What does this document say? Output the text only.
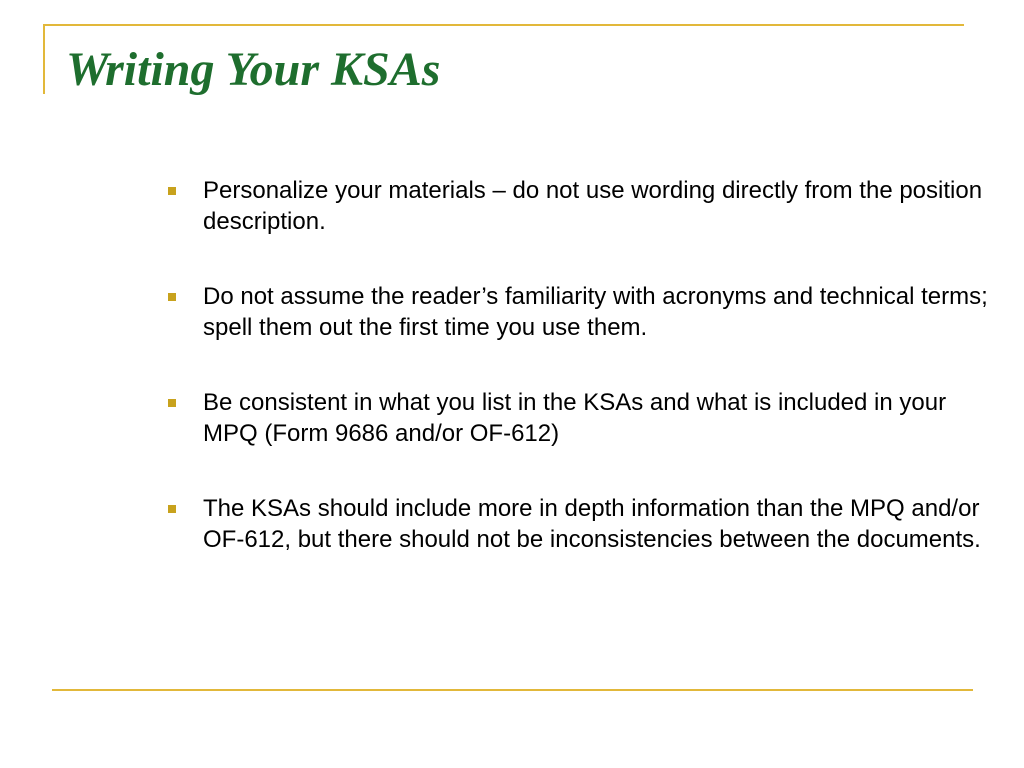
Writing Your KSAs
Personalize your materials – do not use wording directly from the position description.
Do not assume the reader’s familiarity with acronyms and technical terms; spell them out the first time you use them.
Be consistent in what you list in the KSAs and what is included in your MPQ (Form 9686 and/or OF-612)
The KSAs should include more in depth information than the MPQ and/or OF-612, but there should not be inconsistencies between the documents.
